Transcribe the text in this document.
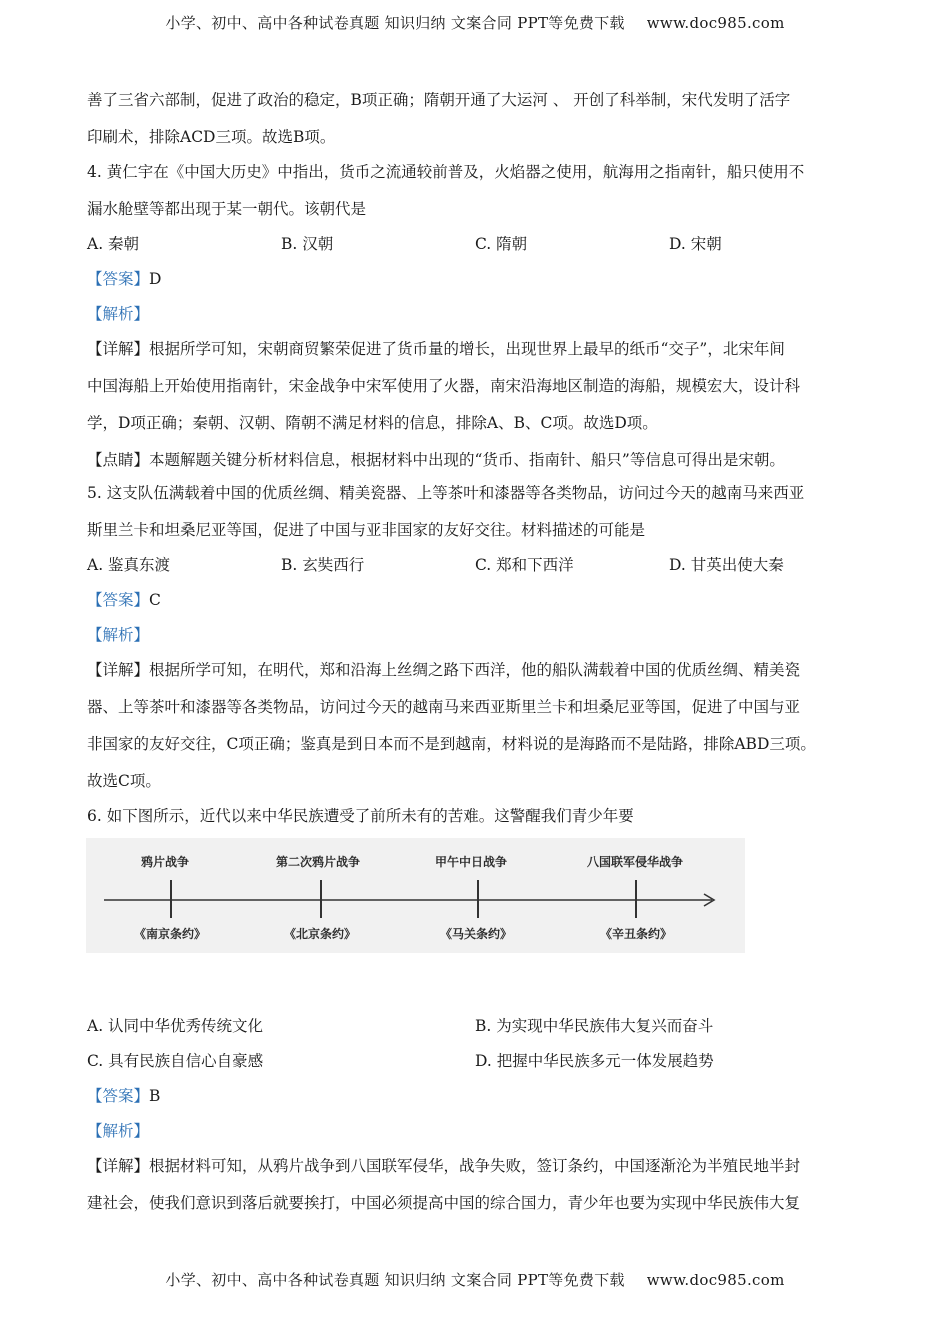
小学、初中、高中各种试卷真题 知识归纳 文案合同 PPT等免费下载 www.doc985.com
善了三省六部制，促进了政治的稳定，B项正确；隋朝开通了大运河 、 开创了科举制，宋代发明了活字
印刷术，排除ACD三项。故选B项。
4. 黄仁宇在《中国大历史》中指出，货币之流通较前普及，火焰器之使用，航海用之指南针，船只使用不
漏水舱壁等都出现于某一朝代。该朝代是
A. 秦朝	B. 汉朝	C. 隋朝	D. 宋朝
【答案】D
【解析】
【详解】根据所学可知，宋朝商贸繁荣促进了货币量的增长，出现世界上最早的纸币“交子”，北宋年间
中国海船上开始使用指南针，宋金战争中宋军使用了火器，南宋沿海地区制造的海船，规模宏大，设计科
学，D项正确；秦朝、汉朝、隋朝不满足材料的信息，排除A、B、C项。故选D项。
【点睛】本题解题关键分析材料信息，根据材料中出现的“货币、指南针、船只”等信息可得出是宋朝。
5. 这支队伍满载着中国的优质丝绸、精美瓷器、上等茶叶和漆器等各类物品，访问过今天的越南马来西亚
斯里兰卡和坦桑尼亚等国，促进了中国与亚非国家的友好交往。材料描述的可能是
A. 鉴真东渡	B. 玄奘西行	C. 郑和下西洋	D. 甘英出使大秦
【答案】C
【解析】
【详解】根据所学可知，在明代，郑和沿海上丝绸之路下西洋，他的船队满载着中国的优质丝绸、精美瓷
器、上等茶叶和漆器等各类物品，访问过今天的越南马来西亚斯里兰卡和坦桑尼亚等国，促进了中国与亚
非国家的友好交往，C项正确；鉴真是到日本而不是到越南，材料说的是海路而不是陆路，排除ABD三项。
故选C项。
6. 如下图所示，近代以来中华民族遭受了前所未有的苦难。这警醒我们青少年要
鸦片战争	第二次鸦片战争	甲午中日战争	八国联军侵华战争
《南京条约》	《北京条约》	《马关条约》	《辛丑条约》
A. 认同中华优秀传统文化	B. 为实现中华民族伟大复兴而奋斗
C. 具有民族自信心自豪感	D. 把握中华民族多元一体发展趋势
【答案】B
【解析】
【详解】根据材料可知，从鸦片战争到八国联军侵华，战争失败，签订条约，中国逐渐沦为半殖民地半封
建社会，使我们意识到落后就要挨打，中国必须提高中国的综合国力，青少年也要为实现中华民族伟大复
小学、初中、高中各种试卷真题 知识归纳 文案合同 PPT等免费下载 www.doc985.com
